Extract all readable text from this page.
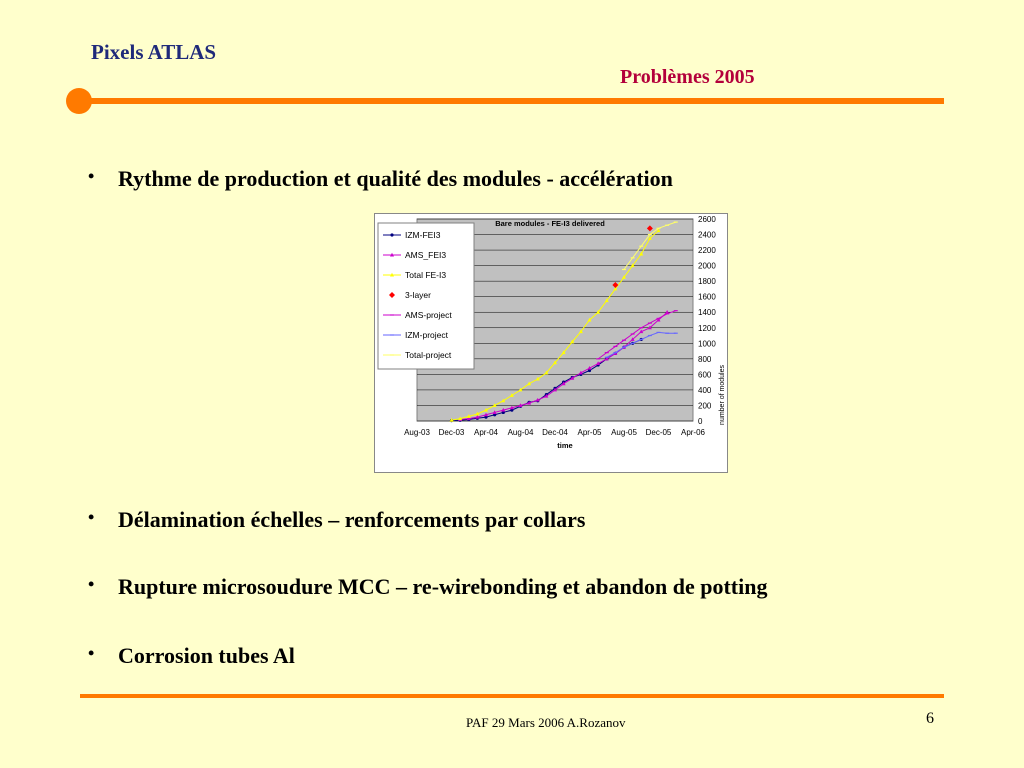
Pixels ATLAS
Problèmes 2005
• Rythme de production et qualité des modules - accélération
0
200
400
600
800
1000
1200
1400
1600
1800
2000
2200
2400
2600
Aug-03 Dec-03 Apr-04 Aug-04 Dec-04 Apr-05 Aug-05 Dec-05 Apr-06
Bare modules - FE-I3 delivered
time
number of modules
IZM-FEI3
AMS_FEI3
Total FE-I3
3-layer
AMS-project
IZM-project
Total-project
• Délamination échelles – renforcements par collars
• Rupture microsoudure MCC – re-wirebonding et abandon de potting
• Corrosion tubes Al
PAF 29 Mars 2006 A.Rozanov	6
